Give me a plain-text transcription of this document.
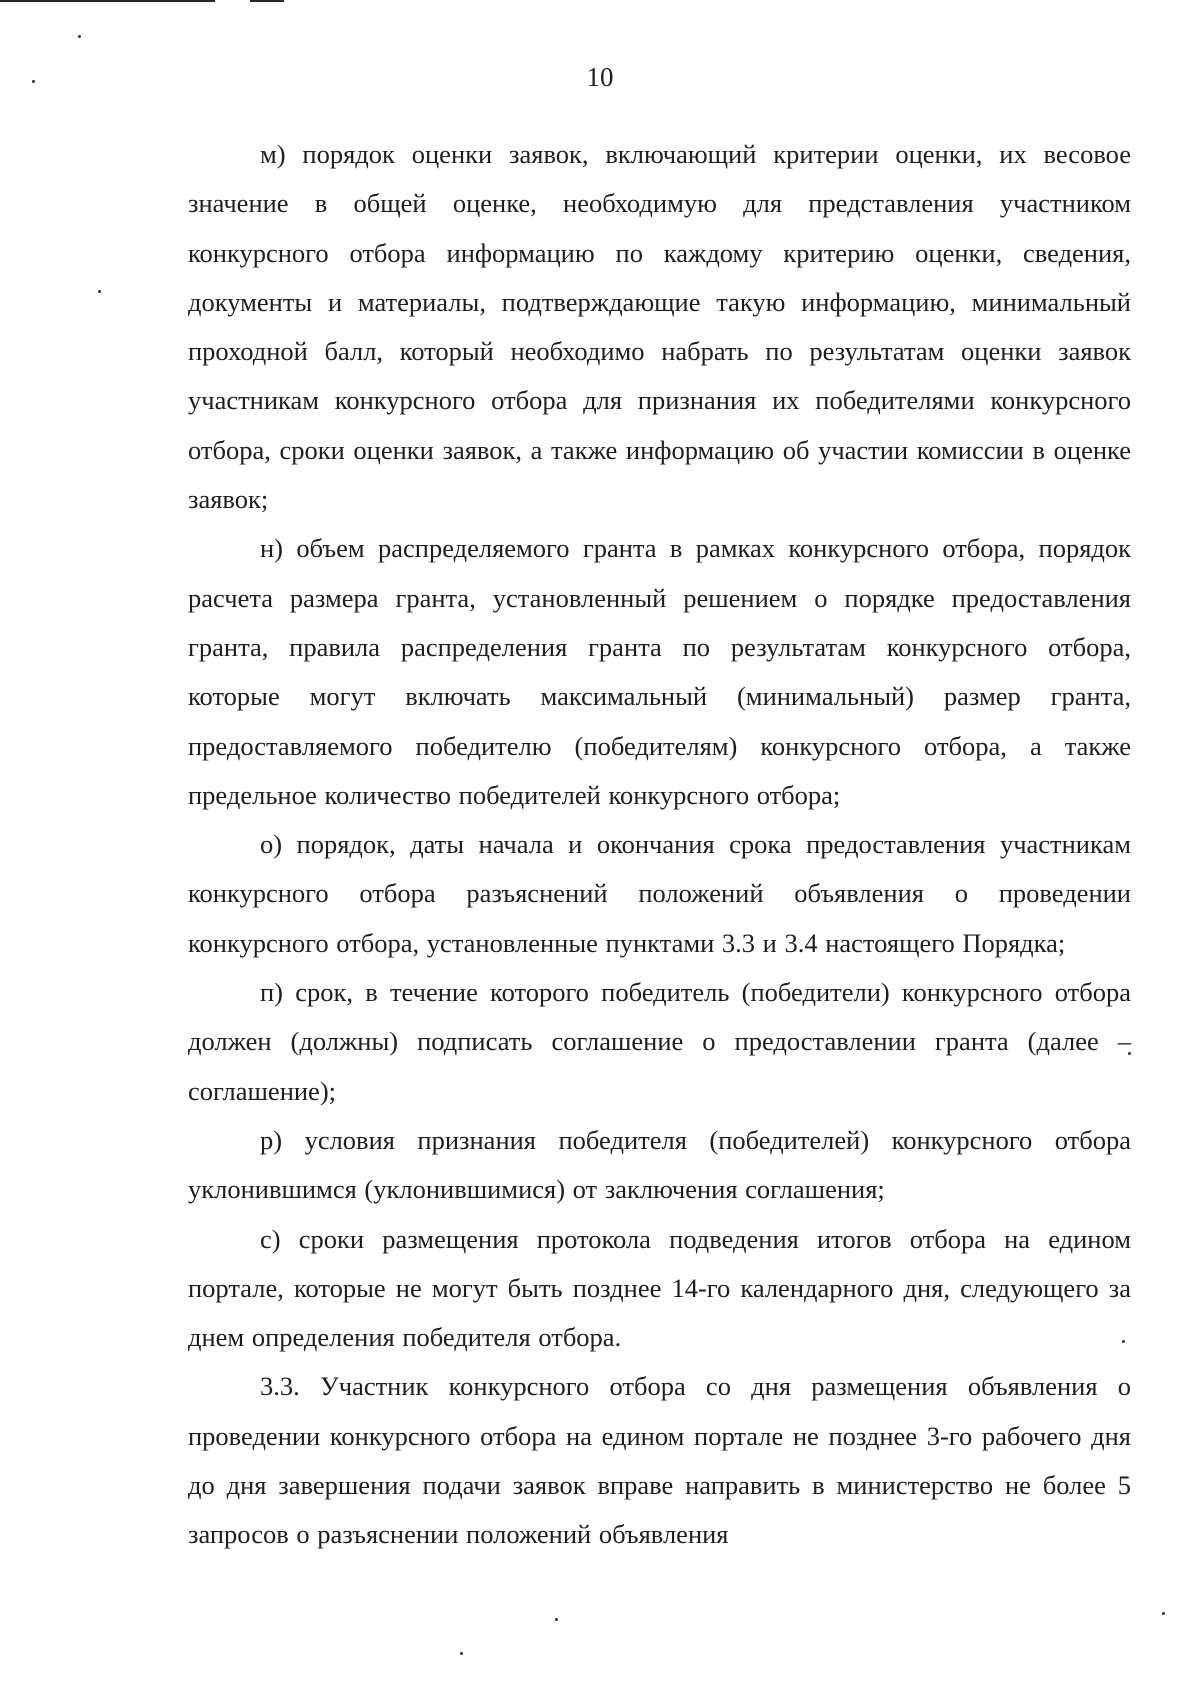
10

м) порядок оценки заявок, включающий критерии оценки, их весовое значение в общей оценке, необходимую для представления участником конкурсного отбора информацию по каждому критерию оценки, сведения, документы и материалы, подтверждающие такую информацию, минимальный проходной балл, который необходимо набрать по результатам оценки заявок участникам конкурсного отбора для признания их победителями конкурсного отбора, сроки оценки заявок, а также информацию об участии комиссии в оценке заявок;

н) объем распределяемого гранта в рамках конкурсного отбора, порядок расчета размера гранта, установленный решением о порядке предоставления гранта, правила распределения гранта по результатам конкурсного отбора, которые могут включать максимальный (минимальный) размер гранта, предоставляемого победителю (победителям) конкурсного отбора, а также предельное количество победителей конкурсного отбора;

о) порядок, даты начала и окончания срока предоставления участникам конкурсного отбора разъяснений положений объявления о проведении конкурсного отбора, установленные пунктами 3.3 и 3.4 настоящего Порядка;

п) срок, в течение которого победитель (победители) конкурсного отбора должен (должны) подписать соглашение о предоставлении гранта (далее – соглашение);

р) условия признания победителя (победителей) конкурсного отбора уклонившимся (уклонившимися) от заключения соглашения;

с) сроки размещения протокола подведения итогов отбора на едином портале, которые не могут быть позднее 14-го календарного дня, следующего за днем определения победителя отбора.

3.3. Участник конкурсного отбора со дня размещения объявления о проведении конкурсного отбора на едином портале не позднее 3-го рабочего дня до дня завершения подачи заявок вправе направить в министерство не более 5 запросов о разъяснении положений объявления
